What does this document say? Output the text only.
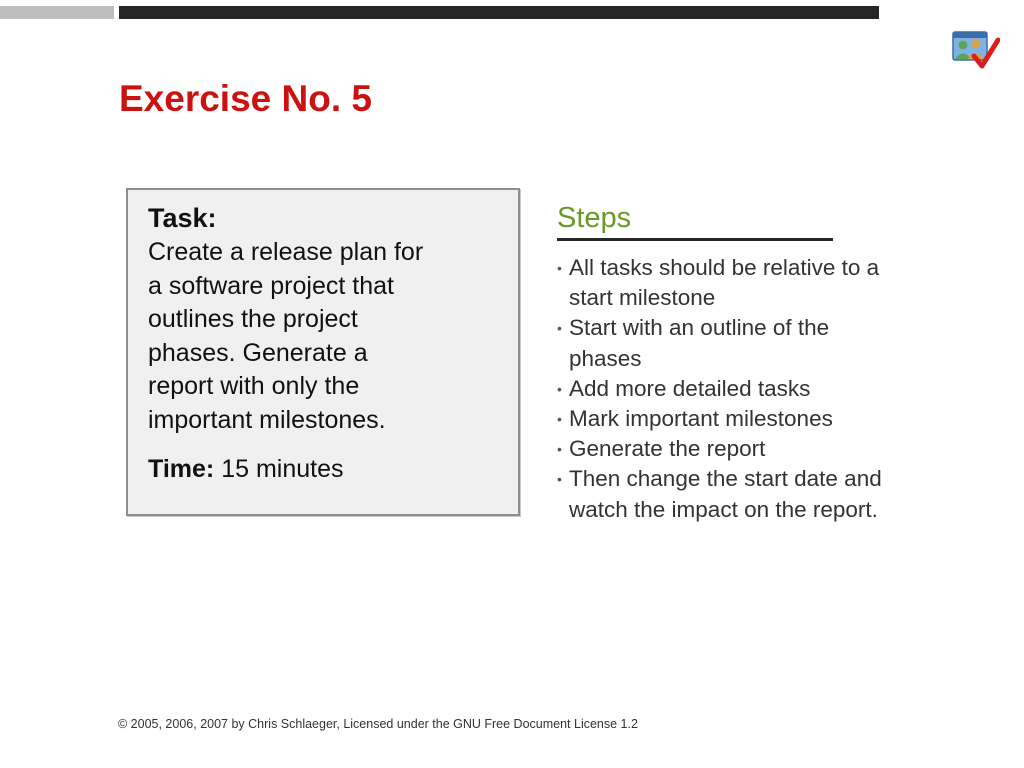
Exercise No. 5
Task:
Create a release plan for
a software project that
outlines the project
phases. Generate a
report with only the
important milestones.
Time: 15 minutes
Steps
• All tasks should be relative to a
start milestone
• Start with an outline of the
phases
• Add more detailed tasks
• Mark important milestones
• Generate the report
• Then change the start date and
watch the impact on the report.
© 2005, 2006, 2007 by Chris Schlaeger, Licensed under the GNU Free Document License 1.2
